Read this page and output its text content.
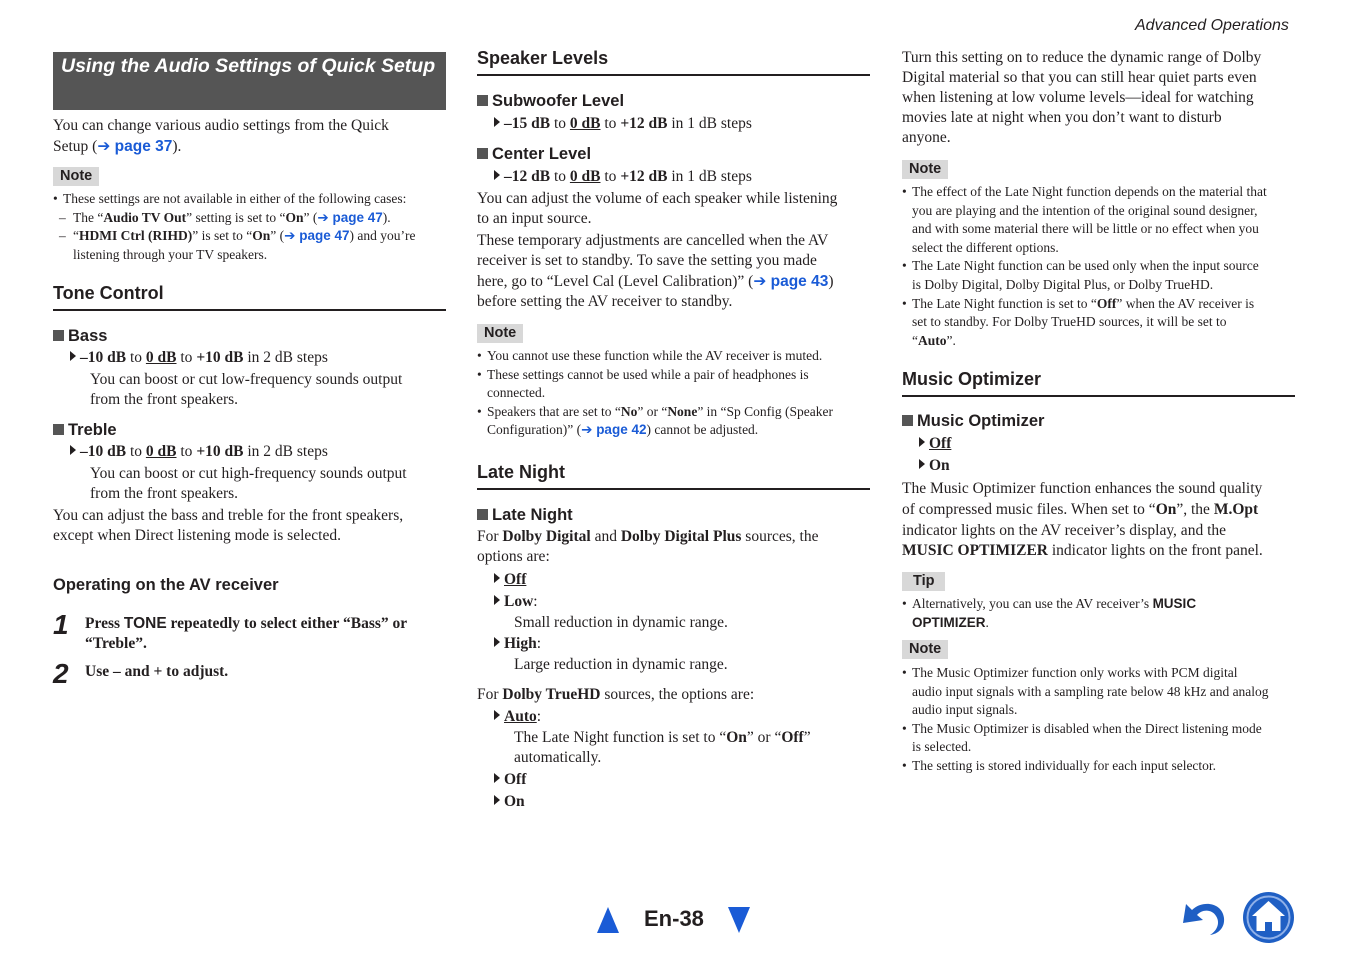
Advanced Operations
Using the Audio Settings of Quick Setup
You can change various audio settings from the Quick
Setup (➔ page 37).
Note
• These settings are not available in either of the following cases:
– The “Audio TV Out” setting is set to “On” (➔ page 47).
– “HDMI Ctrl (RIHD)” is set to “On” (➔ page 47) and you’re
listening through your TV speakers.
Tone Control
Bass
–10 dB to 0 dB to +10 dB in 2 dB steps
You can boost or cut low-frequency sounds output
from the front speakers.
Treble
–10 dB to 0 dB to +10 dB in 2 dB steps
You can boost or cut high-frequency sounds output
from the front speakers.
You can adjust the bass and treble for the front speakers,
except when Direct listening mode is selected.
Operating on the AV receiver
1 Press TONE repeatedly to select either “Bass” or
“Treble”.
2 Use – and + to adjust.
Speaker Levels
Subwoofer Level
–15 dB to 0 dB to +12 dB in 1 dB steps
Center Level
–12 dB to 0 dB to +12 dB in 1 dB steps
You can adjust the volume of each speaker while listening
to an input source.
These temporary adjustments are cancelled when the AV
receiver is set to standby. To save the setting you made
here, go to “Level Cal (Level Calibration)” (➔ page 43)
before setting the AV receiver to standby.
Note
• You cannot use these function while the AV receiver is muted.
• These settings cannot be used while a pair of headphones is
connected.
• Speakers that are set to “No” or “None” in “Sp Config (Speaker
Configuration)” (➔ page 42) cannot be adjusted.
Late Night
Late Night
For Dolby Digital and Dolby Digital Plus sources, the
options are:
Off
Low:
Small reduction in dynamic range.
High:
Large reduction in dynamic range.
For Dolby TrueHD sources, the options are:
Auto:
The Late Night function is set to “On” or “Off”
automatically.
Off
On
Turn this setting on to reduce the dynamic range of Dolby
Digital material so that you can still hear quiet parts even
when listening at low volume levels—ideal for watching
movies late at night when you don’t want to disturb
anyone.
Note
• The effect of the Late Night function depends on the material that
you are playing and the intention of the original sound designer,
and with some material there will be little or no effect when you
select the different options.
• The Late Night function can be used only when the input source
is Dolby Digital, Dolby Digital Plus, or Dolby TrueHD.
• The Late Night function is set to “Off” when the AV receiver is
set to standby. For Dolby TrueHD sources, it will be set to
“Auto”.
Music Optimizer
Music Optimizer
Off
On
The Music Optimizer function enhances the sound quality
of compressed music files. When set to “On”, the M.Opt
indicator lights on the AV receiver’s display, and the
MUSIC OPTIMIZER indicator lights on the front panel.
Tip
• Alternatively, you can use the AV receiver’s MUSIC
OPTIMIZER.
Note
• The Music Optimizer function only works with PCM digital
audio input signals with a sampling rate below 48 kHz and analog
audio input signals.
• The Music Optimizer is disabled when the Direct listening mode
is selected.
• The setting is stored individually for each input selector.
En-38
